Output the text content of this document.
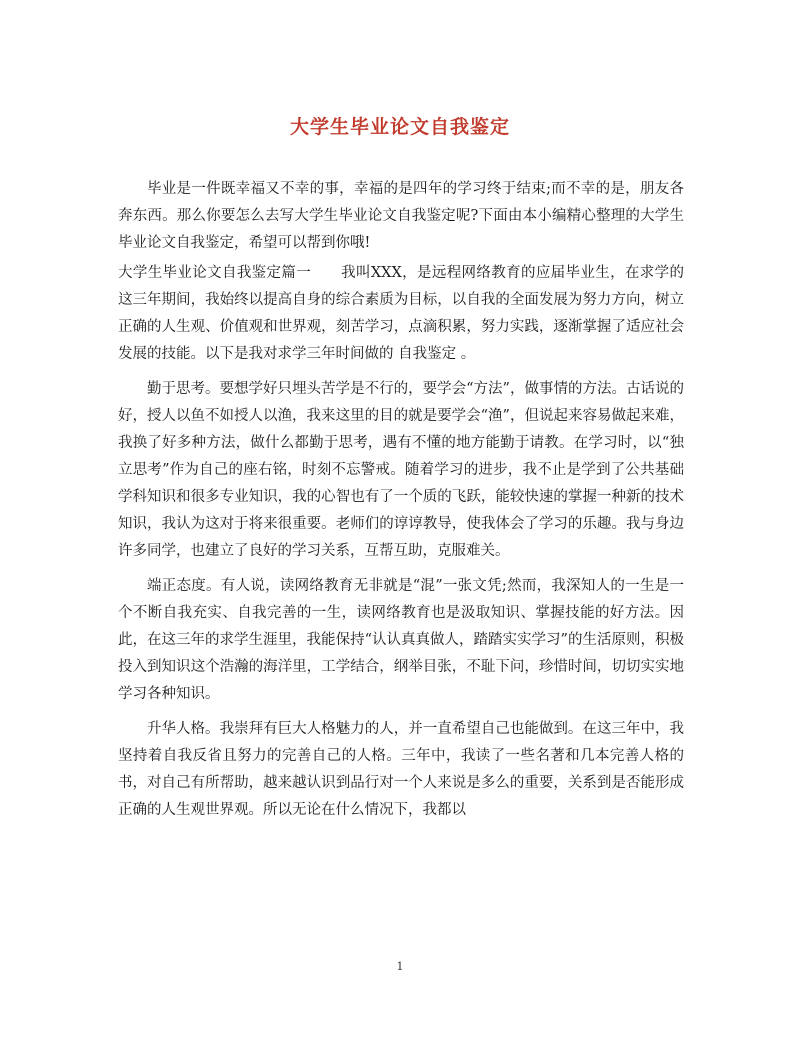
大学生毕业论文自我鉴定

毕业是一件既幸福又不幸的事，幸福的是四年的学习终于结束;而不幸的是，朋友各奔东西。那么你要怎么去写大学生毕业论文自我鉴定呢?下面由本小编精心整理的大学生毕业论文自我鉴定，希望可以帮到你哦!

大学生毕业论文自我鉴定篇一 我叫XXX，是远程网络教育的应届毕业生，在求学的这三年期间，我始终以提高自身的综合素质为目标，以自我的全面发展为努力方向，树立正确的人生观、价值观和世界观，刻苦学习，点滴积累，努力实践，逐渐掌握了适应社会发展的技能。以下是我对求学三年时间做的 自我鉴定 。

勤于思考。要想学好只埋头苦学是不行的，要学会“方法”，做事情的方法。古话说的好，授人以鱼不如授人以渔，我来这里的目的就是要学会“渔”，但说起来容易做起来难，我换了好多种方法，做什么都勤于思考，遇有不懂的地方能勤于请教。在学习时，以“独立思考”作为自己的座右铭，时刻不忘警戒。随着学习的进步，我不止是学到了公共基础学科知识和很多专业知识，我的心智也有了一个质的飞跃，能较快速的掌握一种新的技术知识，我认为这对于将来很重要。老师们的谆谆教导，使我体会了学习的乐趣。我与身边许多同学，也建立了良好的学习关系，互帮互助，克服难关。

端正态度。有人说，读网络教育无非就是“混”一张文凭;然而，我深知人的一生是一个不断自我充实、自我完善的一生，读网络教育也是汲取知识、掌握技能的好方法。因此，在这三年的求学生涯里，我能保持“认认真真做人，踏踏实实学习”的生活原则，积极投入到知识这个浩瀚的海洋里，工学结合，纲举目张，不耻下问，珍惜时间，切切实实地学习各种知识。

升华人格。我崇拜有巨大人格魅力的人，并一直希望自己也能做到。在这三年中，我坚持着自我反省且努力的完善自己的人格。三年中，我读了一些名著和几本完善人格的书，对自己有所帮助，越来越认识到品行对一个人来说是多么的重要，关系到是否能形成正确的人生观世界观。所以无论在什么情况下，我都以

1
